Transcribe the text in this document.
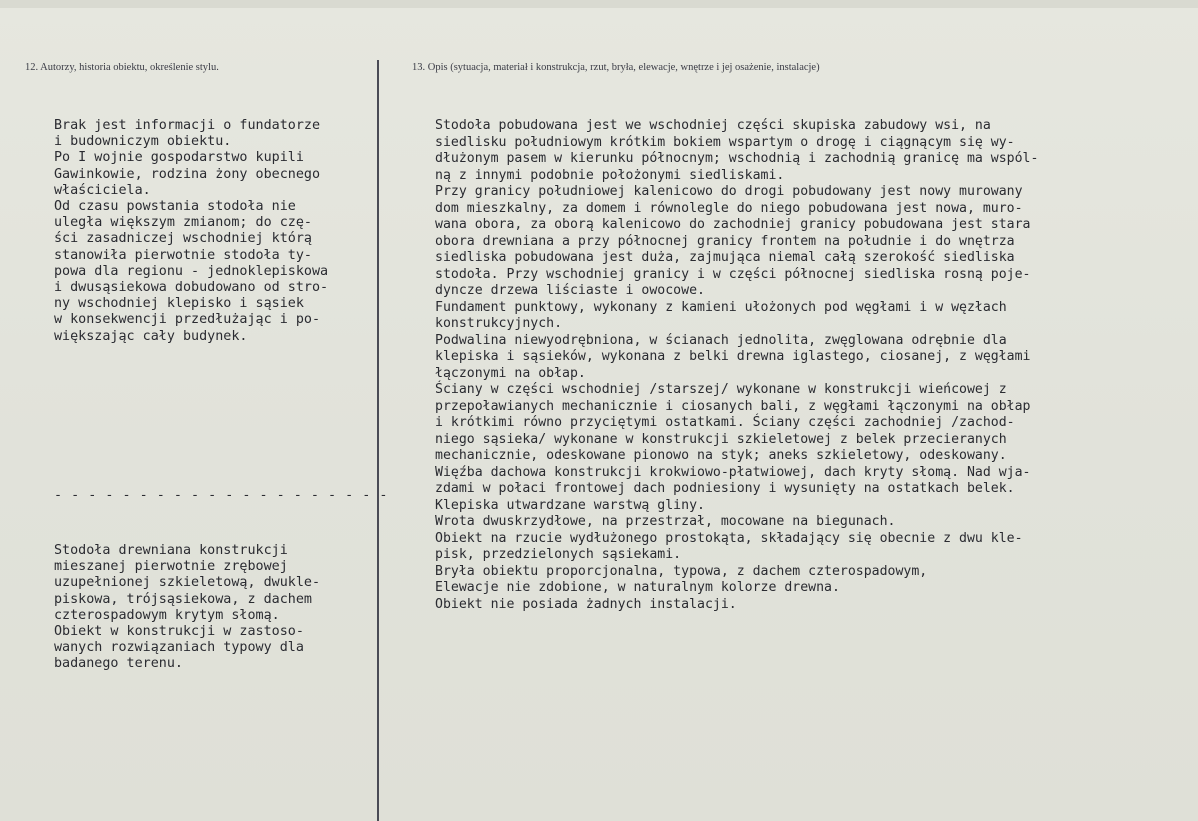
12. Autorzy, historia obiektu, określenie stylu.	13. Opis (sytuacja, materiał i konstrukcja, rzut, bryła, elewacje, wnętrze i jej osażenie, instalacje)
Brak jest informacji o fundatorze
i budowniczym obiektu.
Po I wojnie gospodarstwo kupili
Gawinkowie, rodzina żony obecnego
właściciela.
Od czasu powstania stodoła nie
uległa większym zmianom; do czę-
ści zasadniczej wschodniej którą
stanowiła pierwotnie stodoła ty-
powa dla regionu - jednoklepiskowa
i dwusąsiekowa dobudowano od stro-
ny wschodniej klepisko i sąsiek
w konsekwencji przedłużając i po-
większając cały budynek.
- - - - - - - - - - - - - - - - - - - -
Stodoła drewniana konstrukcji
mieszanej pierwotnie zrębowej
uzupełnionej szkieletową, dwukle-
piskowa, trójsąsiekowa, z dachem
czterospadowym krytym słomą.
Obiekt w konstrukcji w zastoso-
wanych rozwiązaniach typowy dla
badanego terenu.
Stodoła pobudowana jest we wschodniej części skupiska zabudowy wsi, na
siedlisku południowym krótkim bokiem wspartym o drogę i ciągnącym się wy-
dłużonym pasem w kierunku północnym; wschodnią i zachodnią granicę ma wspól-
ną z innymi podobnie położonymi siedliskami.
Przy granicy południowej kalenicowo do drogi pobudowany jest nowy murowany
dom mieszkalny, za domem i równolegle do niego pobudowana jest nowa, muro-
wana obora, za oborą kalenicowo do zachodniej granicy pobudowana jest stara
obora drewniana a przy północnej granicy frontem na południe i do wnętrza
siedliska pobudowana jest duża, zajmująca niemal całą szerokość siedliska
stodoła. Przy wschodniej granicy i w części północnej siedliska rosną poje-
dyncze drzewa liściaste i owocowe.
Fundament punktowy, wykonany z kamieni ułożonych pod węgłami i w węzłach
konstrukcyjnych.
Podwalina niewyodrębniona, w ścianach jednolita, zwęglowana odrębnie dla
klepiska i sąsieków, wykonana z belki drewna iglastego, ciosanej, z węgłami
łączonymi na obłap.
Ściany w części wschodniej /starszej/ wykonane w konstrukcji wieńcowej z
przepoławianych mechanicznie i ciosanych bali, z węgłami łączonymi na obłap
i krótkimi równo przyciętymi ostatkami. Ściany części zachodniej /zachod-
niego sąsieka/ wykonane w konstrukcji szkieletowej z belek przecieranych
mechanicznie, odeskowane pionowo na styk; aneks szkieletowy, odeskowany.
Więźba dachowa konstrukcji krokwiowo-płatwiowej, dach kryty słomą. Nad wja-
zdami w połaci frontowej dach podniesiony i wysunięty na ostatkach belek.
Klepiska utwardzane warstwą gliny.
Wrota dwuskrzydłowe, na przestrzał, mocowane na biegunach.
Obiekt na rzucie wydłużonego prostokąta, składający się obecnie z dwu kle-
pisk, przedzielonych sąsiekami.
Bryła obiektu proporcjonalna, typowa, z dachem czterospadowym,
Elewacje nie zdobione, w naturalnym kolorze drewna.
Obiekt nie posiada żadnych instalacji.
